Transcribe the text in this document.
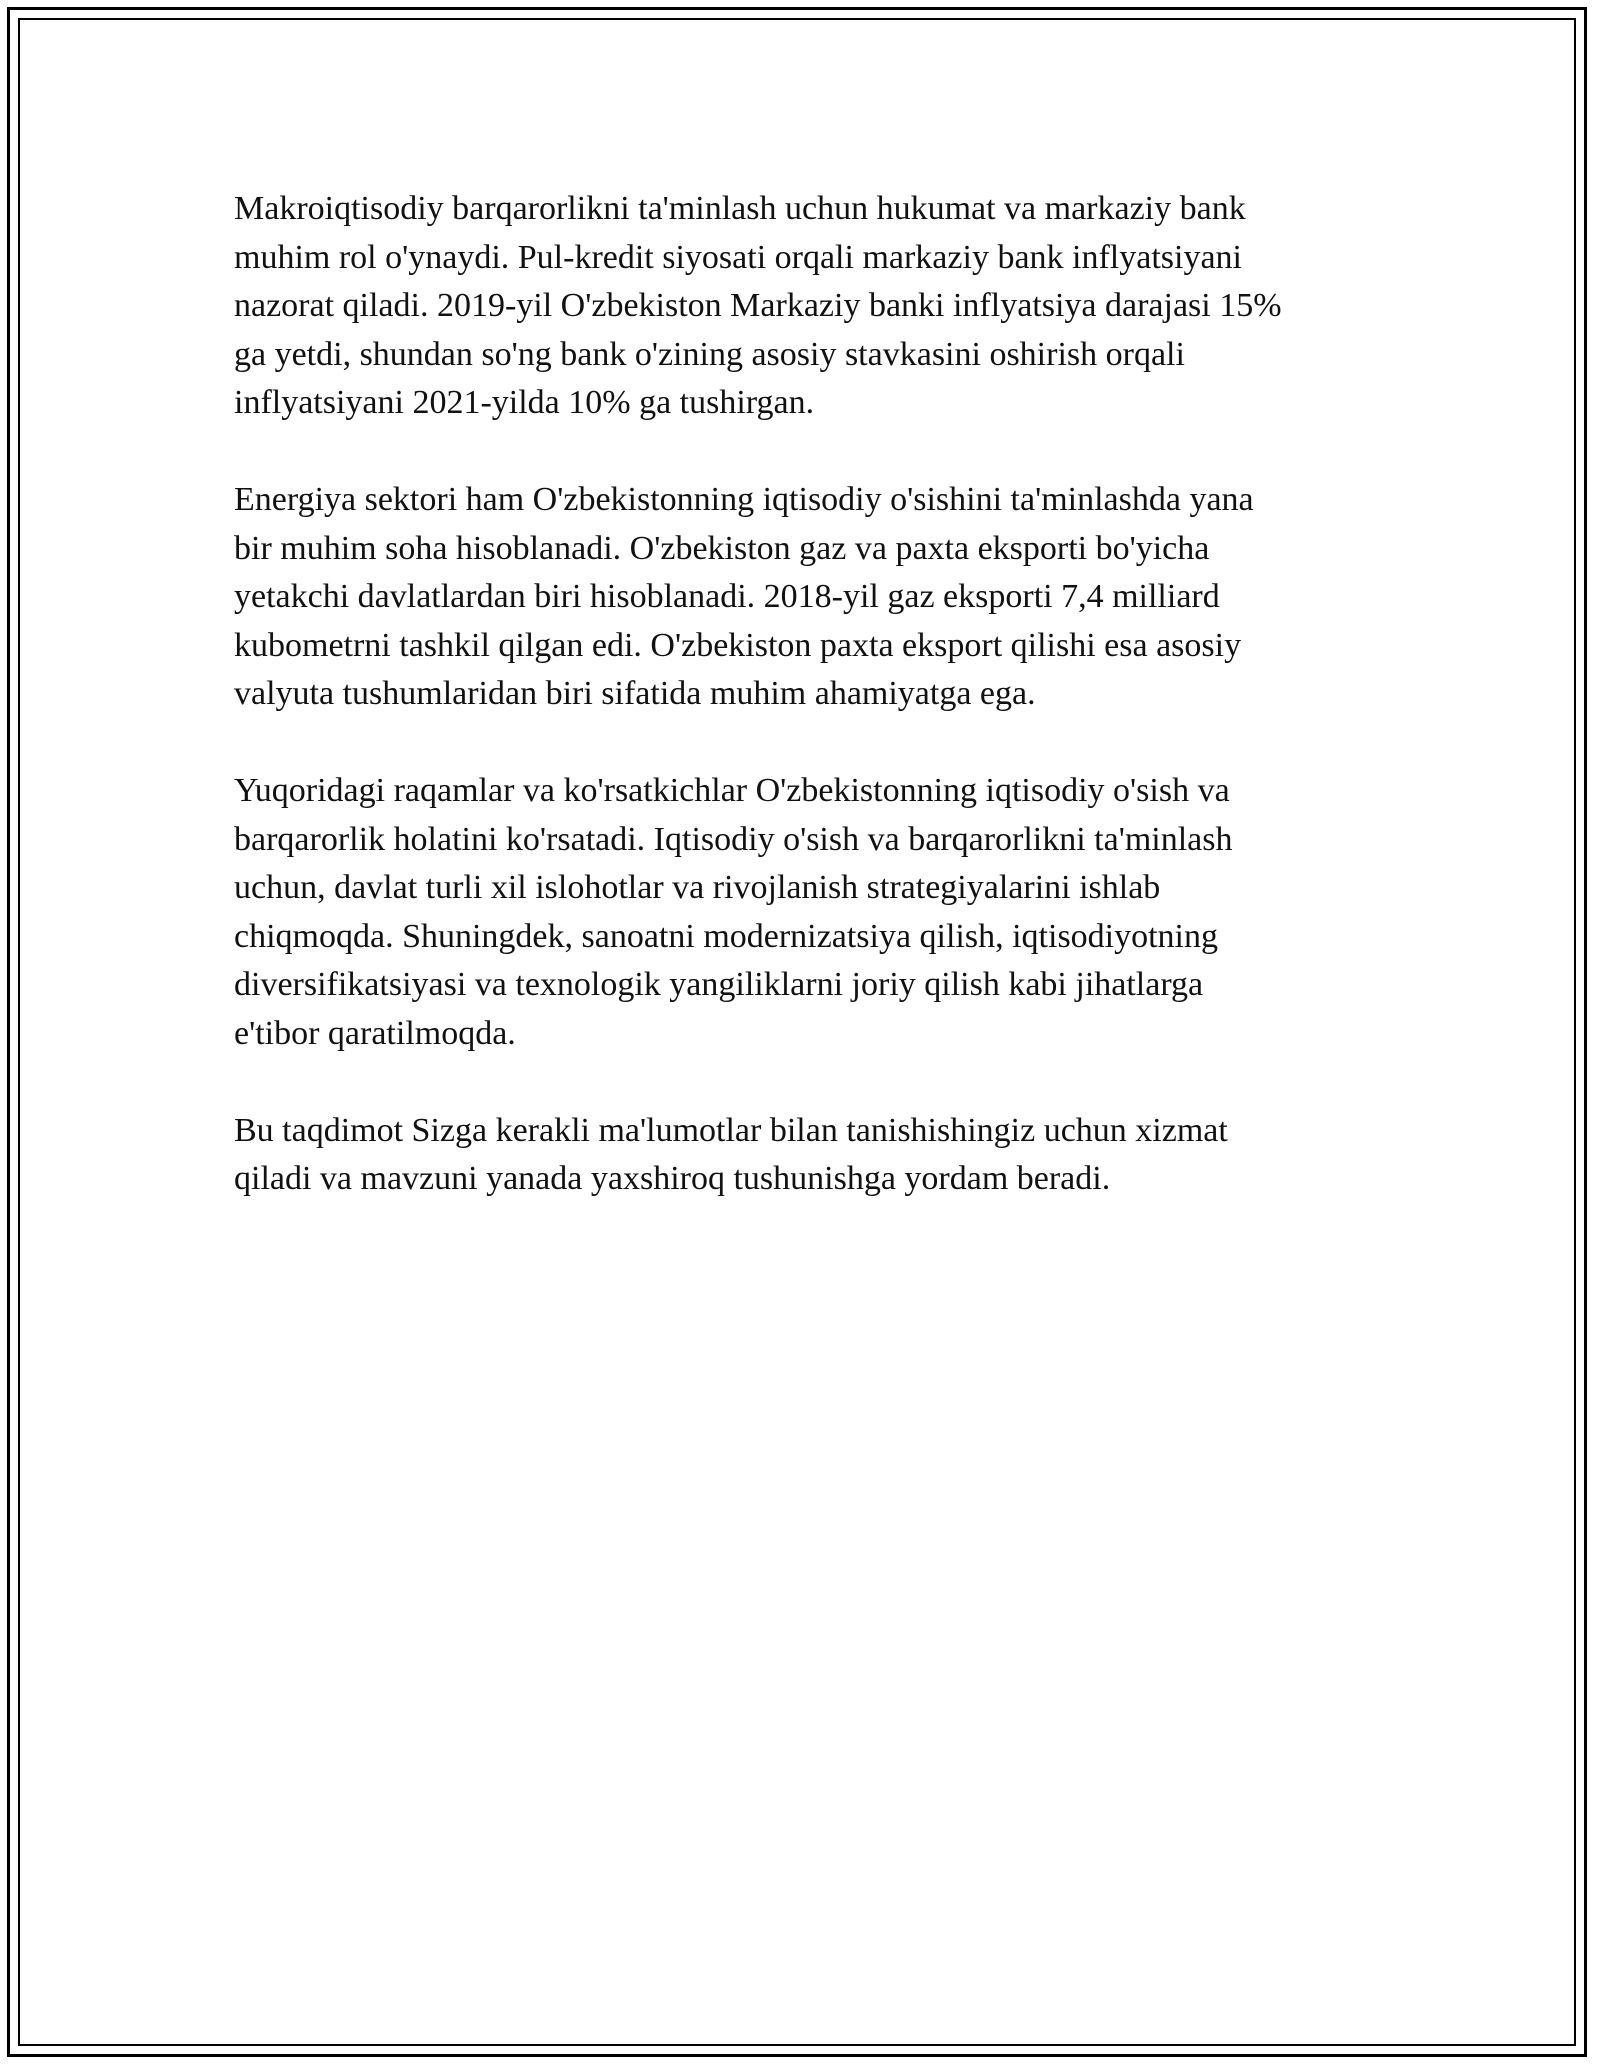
Makroiqtisodiy barqarorlikni ta'minlash uchun hukumat va markaziy bank
muhim rol o'ynaydi. Pul-kredit siyosati orqali markaziy bank inflyatsiyani
nazorat qiladi. 2019-yil O'zbekiston Markaziy banki inflyatsiya darajasi 15%
ga yetdi, shundan so'ng bank o'zining asosiy stavkasini oshirish orqali
inflyatsiyani 2021-yilda 10% ga tushirgan.

Energiya sektori ham O'zbekistonning iqtisodiy o'sishini ta'minlashda yana
bir muhim soha hisoblanadi. O'zbekiston gaz va paxta eksporti bo'yicha
yetakchi davlatlardan biri hisoblanadi. 2018-yil gaz eksporti 7,4 milliard
kubometrni tashkil qilgan edi. O'zbekiston paxta eksport qilishi esa asosiy
valyuta tushumlaridan biri sifatida muhim ahamiyatga ega.

Yuqoridagi raqamlar va ko'rsatkichlar O'zbekistonning iqtisodiy o'sish va
barqarorlik holatini ko'rsatadi. Iqtisodiy o'sish va barqarorlikni ta'minlash
uchun, davlat turli xil islohotlar va rivojlanish strategiyalarini ishlab
chiqmoqda. Shuningdek, sanoatni modernizatsiya qilish, iqtisodiyotning
diversifikatsiyasi va texnologik yangiliklarni joriy qilish kabi jihatlarga
e'tibor qaratilmoqda.

Bu taqdimot Sizga kerakli ma'lumotlar bilan tanishishingiz uchun xizmat
qiladi va mavzuni yanada yaxshiroq tushunishga yordam beradi.
